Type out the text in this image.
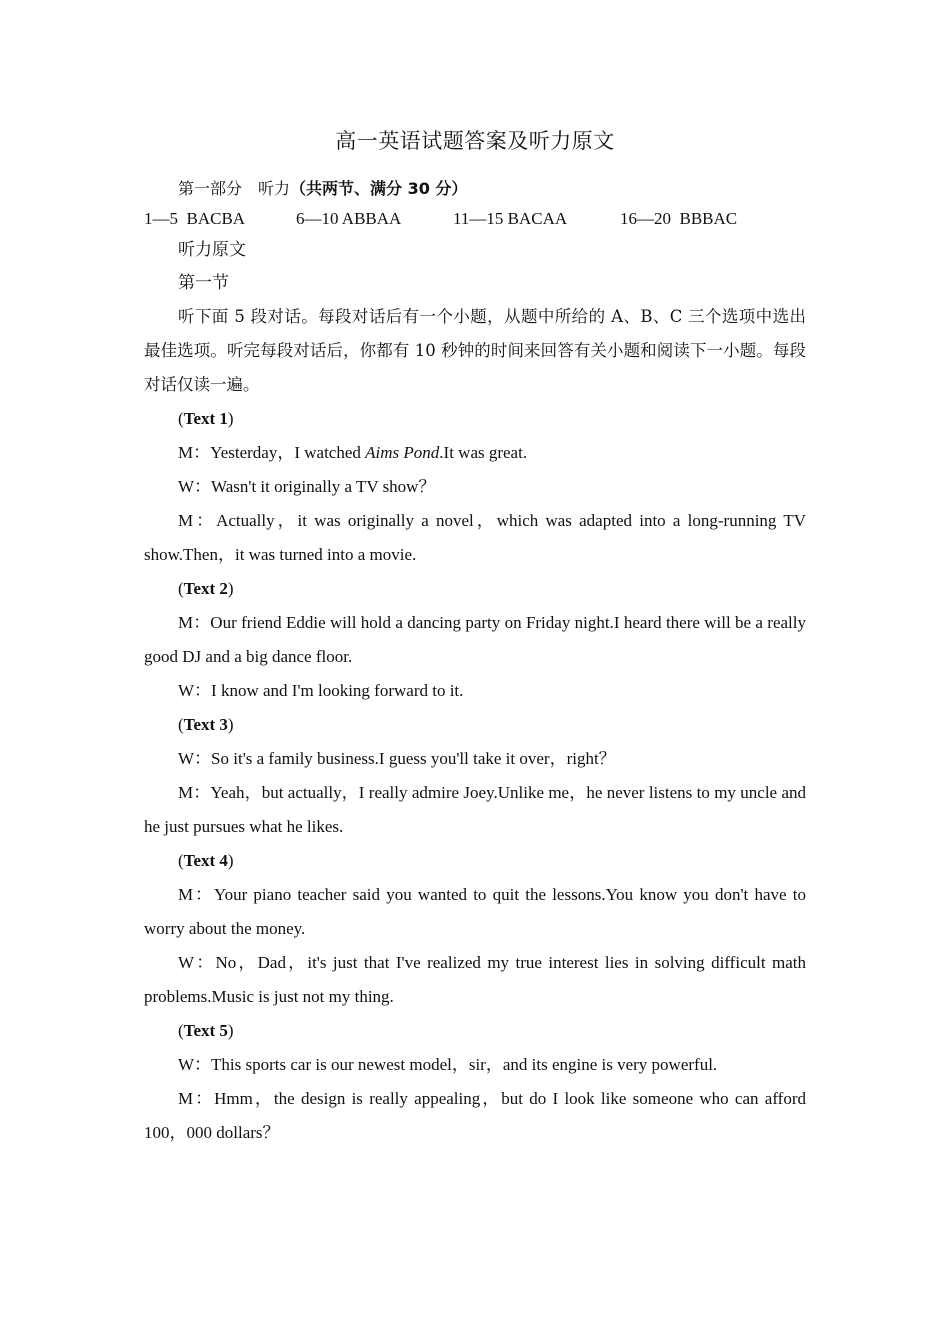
高一英语试题答案及听力原文
第一部分　听力（共两节、满分 30 分）
1—5  BACBA	6—10 ABBAA	11—15 BACAA	16—20  BBBAC
听力原文
第一节

听下面 5 段对话。每段对话后有一个小题，从题中所给的 A、B、C 三个选项中选出最佳选项。听完每段对话后，你都有 10 秒钟的时间来回答有关小题和阅读下一小题。每段对话仅读一遍。

(Text 1)

M：Yesterday，I watched Aims Pond.It was great.

W：Wasn't it originally a TV show？

M：Actually，it was originally a novel，which was adapted into a long-running TV show.Then，it was turned into a movie.

(Text 2)

M：Our friend Eddie will hold a dancing party on Friday night.I heard there will be a really good DJ and a big dance floor.

W：I know and I'm looking forward to it.

(Text 3)

W：So it's a family business.I guess you'll take it over，right？

M：Yeah，but actually，I really admire Joey.Unlike me，he never listens to my uncle and he just pursues what he likes.

(Text 4)

M：Your piano teacher said you wanted to quit the lessons.You know you don't have to worry about the money.

W：No，Dad，it's just that I've realized my true interest lies in solving difficult math problems.Music is just not my thing.

(Text 5)

W：This sports car is our newest model，sir，and its engine is very powerful.

M：Hmm，the design is really appealing，but do I look like someone who can afford 100，000 dollars？
